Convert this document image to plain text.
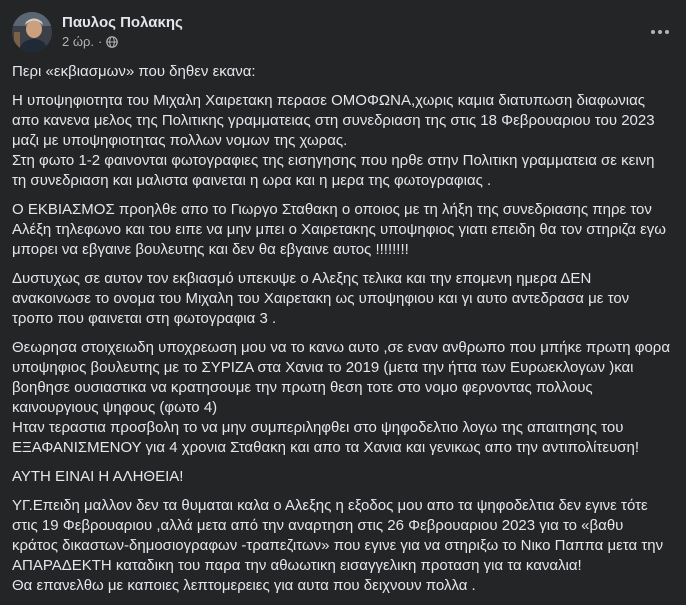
Παυλος Πολακης
2 ώρ. ·

Περι «εκβιασμων» που δηθεν εκανα:

Η υποψηφιοτητα του Μιχαλη Χαιρετακη περασε ΟΜΟΦΩΝΑ,χωρις καμια διατυπωση διαφωνιας απο κανενα μελος της Πολιτικης γραμματειας στη συνεδριαση της στις 18 Φεβρουαριου του 2023 μαζι με υποψηφιοτητας πολλων νομων της χωρας.
Στη φωτο 1-2 φαινονται φωτογραφιες της εισηγησης που ηρθε στην Πολιτικη γραμματεια σε κεινη τη συνεδριαση και μαλιστα φαινεται η ωρα και η μερα της φωτογραφιας .

Ο ΕΚΒΙΑΣΜΟΣ προηλθε απο το Γιωργο Σταθακη ο οποιος με τη λήξη της συνεδριασης πηρε τον Αλέξη τηλεφωνο και του ειπε να μην μπει ο Χαιρετακης υποψηφιος γιατι επειδη θα τον στηριζα εγω μπορει να εβγαινε βουλευτης και δεν θα εβγαινε αυτος !!!!!!!!

Δυστυχως σε αυτον τον εκβιασμό υπεκυψε ο Αλεξης τελικα και την επομενη ημερα ΔΕΝ ανακοινωσε το ονομα του Μιχαλη του Χαιρετακη ως υποψηφιου και γι αυτο αντεδρασα με τον τροπο που φαινεται στη φωτογραφια 3 .

Θεωρησα στοιχειωδη υποχρεωση μου να το κανω αυτο ,σε εναν ανθρωπο που μπήκε πρωτη φορα υποψηφιος βουλευτης με το ΣΥΡΙΖΑ στα Χανια το 2019 (μετα την ήττα των Ευρωεκλογων )και βοηθησε ουσιαστικα να κρατησουμε την πρωτη θεση τοτε στο νομο φερνοντας πολλους καινουργιους ψηφους (φωτο 4)
Ηταν τεραστια προσβολη το να μην συμπεριληφθει στο ψηφοδελτιο λογω της απαιτησης του ΕΞΑΦΑΝΙΣΜΕΝΟΥ για 4 χρονια Σταθακη και απο τα Χανια και γενικως απο την αντιπολίτευση!

ΑΥΤΗ ΕΙΝΑΙ Η ΑΛΗΘΕΙΑ!

ΥΓ.Επειδη μαλλον δεν τα θυμαται καλα ο Αλεξης η εξοδος μου απο τα ψηφοδελτια δεν εγινε τότε στις 19 Φεβρουαριου ,αλλά μετα από την αναρτηση στις 26 Φεβρουαριου 2023 για το «βαθυ κράτος δικαστων-δημοσιογραφων -τραπεζιτων» που εγινε για να στηριξω το Νικο Παππα μετα την ΑΠΑΡΑΔΕΚΤΗ καταδικη του παρα την αθωωτικη εισαγγελικη προταση για τα καναλια!
Θα επανελθω με καποιες λεπτομερειες για αυτα που δειχνουν πολλα .
